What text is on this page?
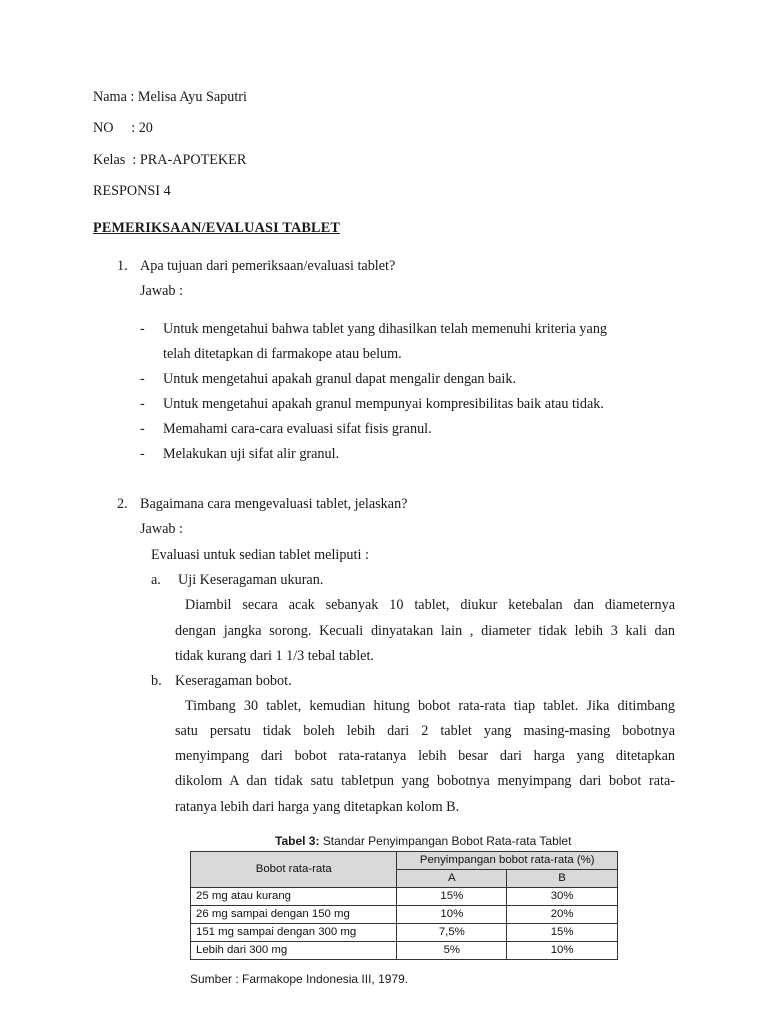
Nama : Melisa Ayu Saputri
NO     : 20
Kelas  : PRA-APOTEKER
RESPONSI 4
PEMERIKSAAN/EVALUASI TABLET
1. Apa tujuan dari pemeriksaan/evaluasi tablet?
Jawab :
- Untuk mengetahui bahwa tablet yang dihasilkan telah memenuhi kriteria yang
telah ditetapkan di farmakope atau belum.
- Untuk mengetahui apakah granul dapat mengalir dengan baik.
- Untuk mengetahui apakah granul mempunyai kompresibilitas baik atau tidak.
- Memahami cara-cara evaluasi sifat fisis granul.
- Melakukan uji sifat alir granul.
2. Bagaimana cara mengevaluasi tablet, jelaskan?
Jawab :
Evaluasi untuk sedian tablet meliputi :
a. Uji Keseragaman ukuran.
Diambil secara acak sebanyak 10 tablet, diukur ketebalan dan diameternya
dengan jangka sorong. Kecuali dinyatakan lain , diameter tidak lebih 3 kali dan
tidak kurang dari 1 1/3 tebal tablet.
b. Keseragaman bobot.
Timbang 30 tablet, kemudian hitung bobot rata-rata tiap tablet. Jika ditimbang
satu persatu tidak boleh lebih dari 2 tablet yang masing-masing bobotnya
menyimpang dari bobot rata-ratanya lebih besar dari harga yang ditetapkan
dikolom A dan tidak satu tabletpun yang bobotnya menyimpang dari bobot rata-
ratanya lebih dari harga yang ditetapkan kolom B.
Tabel 3: Standar Penyimpangan Bobot Rata-rata Tablet
Bobot rata-rata	Penyimpangan bobot rata-rata (%)	
	A	B
25 mg atau kurang	15%	30%
26 mg sampai dengan 150 mg	10%	20%
151 mg sampai dengan 300 mg	7,5%	15%
Lebih dari 300 mg	5%	10%
Sumber : Farmakope Indonesia III, 1979.
